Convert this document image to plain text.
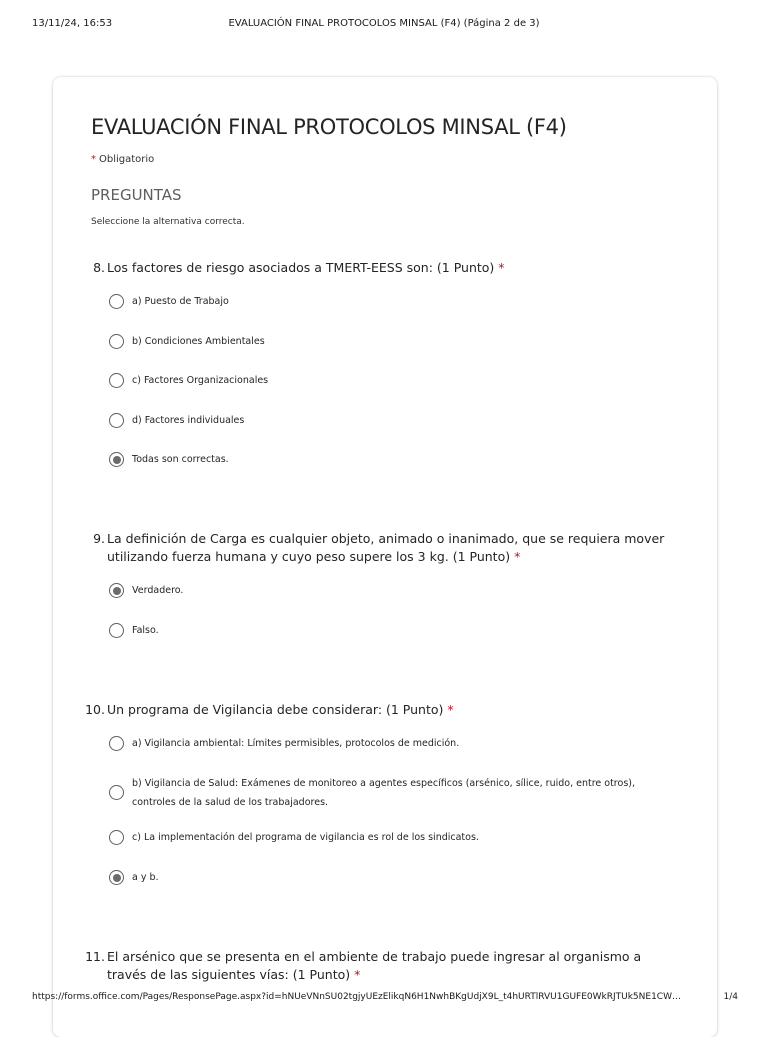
13/11/24, 16:53	EVALUACIÓN FINAL PROTOCOLOS MINSAL (F4) (Página 2 de 3)
EVALUACIÓN FINAL PROTOCOLOS MINSAL (F4)
* Obligatorio
PREGUNTAS
Seleccione la alternativa correcta.
8. Los factores de riesgo asociados a TMERT-EESS son: (1 Punto) *
a) Puesto de Trabajo
b) Condiciones Ambientales
c) Factores Organizacionales
d) Factores individuales
Todas son correctas.
9. La definición de Carga es cualquier objeto, animado o inanimado, que se requiera mover utilizando fuerza humana y cuyo peso supere los 3 kg. (1 Punto) *
Verdadero.
Falso.
10. Un programa de Vigilancia debe considerar: (1 Punto) *
a) Vigilancia ambiental: Límites permisibles, protocolos de medición.
b) Vigilancia de Salud: Exámenes de monitoreo a agentes específicos (arsénico, sílice, ruido, entre otros), controles de la salud de los trabajadores.
c) La implementación del programa de vigilancia es rol de los sindicatos.
a y b.
11. El arsénico que se presenta en el ambiente de trabajo puede ingresar al organismo a través de las siguientes vías: (1 Punto) *
https://forms.office.com/Pages/ResponsePage.aspx?id=hNUeVNnSU02tgjyUEzElikqN6H1NwhBKgUdjX9L_t4hURTlRVU1GUFE0WkRJTUk5NE1CW…	1/4
